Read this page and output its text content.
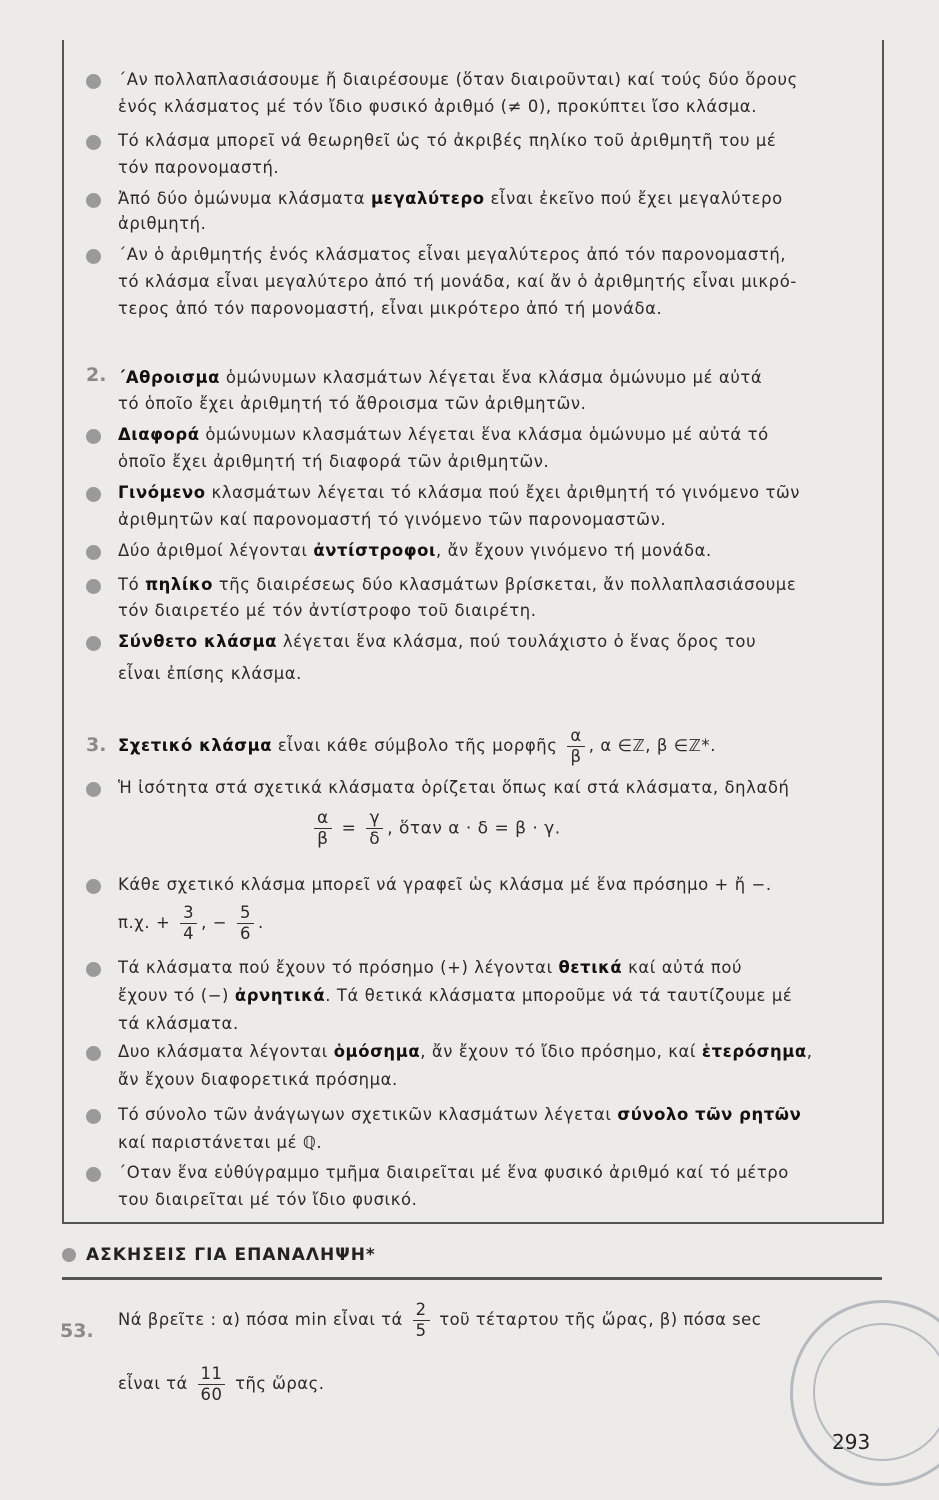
΄Αν πολλαπλασιάσουμε ἤ διαιρέσουμε (ὅταν διαιροῦνται) καί τούς δύο ὅρους
ἑνός κλάσματος μέ τόν ἴδιο φυσικό ἀριθμό (≠ 0), προκύπτει ἴσο κλάσμα.
Τό κλάσμα μπορεῖ νά θεωρηθεῖ ὡς τό ἀκριβές πηλίκο τοῦ ἀριθμητῆ του μέ
τόν παρονομαστή.
Ἀπό δύο ὁμώνυμα κλάσματα μεγαλύτερο εἶναι ἐκεῖνο πού ἔχει μεγαλύτερο
ἀριθμητή.
΄Αν ὁ ἀριθμητής ἑνός κλάσματος εἶναι μεγαλύτερος ἀπό τόν παρονομαστή,
τό κλάσμα εἶναι μεγαλύτερο ἀπό τή μονάδα, καί ἄν ὁ ἀριθμητής εἶναι μικρό-
τερος ἀπό τόν παρονομαστή, εἶναι μικρότερο ἀπό τή μονάδα.
2. ΄Αθροισμα ὁμώνυμων κλασμάτων λέγεται ἕνα κλάσμα ὁμώνυμο μέ αὐτά
τό ὁποῖο ἔχει ἀριθμητή τό ἄθροισμα τῶν ἀριθμητῶν.
Διαφορά ὁμώνυμων κλασμάτων λέγεται ἕνα κλάσμα ὁμώνυμο μέ αὐτά τό
ὁποῖο ἔχει ἀριθμητή τή διαφορά τῶν ἀριθμητῶν.
Γινόμενο κλασμάτων λέγεται τό κλάσμα πού ἔχει ἀριθμητή τό γινόμενο τῶν
ἀριθμητῶν καί παρονομαστή τό γινόμενο τῶν παρονομαστῶν.
Δύο ἀριθμοί λέγονται ἀντίστροφοι, ἄν ἔχουν γινόμενο τή μονάδα.
Τό πηλίκο τῆς διαιρέσεως δύο κλασμάτων βρίσκεται, ἄν πολλαπλασιάσουμε
τόν διαιρετέο μέ τόν ἀντίστροφο τοῦ διαιρέτη.
Σύνθετο κλάσμα λέγεται ἕνα κλάσμα, πού τουλάχιστο ὁ ἕνας ὅρος του
εἶναι ἐπίσης κλάσμα.
3. Σχετικό κλάσμα εἶναι κάθε σύμβολο τῆς μορφῆς $\frac{\alpha}{\beta}$ , α ∈ℤ, β ∈ℤ*.
Ἡ ἰσότητα στά σχετικά κλάσματα ὁρίζεται ὅπως καί στά κλάσματα, δηλαδή
$\frac{\alpha}{\beta} = \frac{\gamma}{\delta}$ , ὅταν α · δ = β · γ.
Κάθε σχετικό κλάσμα μπορεῖ νά γραφεῖ ὡς κλάσμα μέ ἕνα πρόσημο + ἤ −.
π.χ. + $\frac{3}{4}$ , − $\frac{5}{6}$ .
Τά κλάσματα πού ἔχουν τό πρόσημο (+) λέγονται θετικά καί αὐτά πού
ἔχουν τό (−) ἀρνητικά. Τά θετικά κλάσματα μποροῦμε νά τά ταυτίζουμε μέ
τά κλάσματα.
Δυο κλάσματα λέγονται ὁμόσημα, ἄν ἔχουν τό ἴδιο πρόσημο, καί ἑτερόσημα,
ἄν ἔχουν διαφορετικά πρόσημα.
Τό σύνολο τῶν ἀνάγωγων σχετικῶν κλασμάτων λέγεται σύνολο τῶν ρητῶν
καί παριστάνεται μέ ℚ.
΄Οταν ἕνα εὐθύγραμμο τμῆμα διαιρεῖται μέ ἕνα φυσικό ἀριθμό καί τό μέτρο
του διαιρεῖται μέ τόν ἴδιο φυσικό.
ΑΣΚΗΣΕΙΣ ΓΙΑ ΕΠΑΝΑΛΗΨΗ*
53.
Νά βρεῖτε : α) πόσα min εἶναι τά $\frac{2}{5}$ τοῦ τέταρτου τῆς ὥρας, β) πόσα sec
εἶναι τά $\frac{11}{60}$ τῆς ὥρας.
293
